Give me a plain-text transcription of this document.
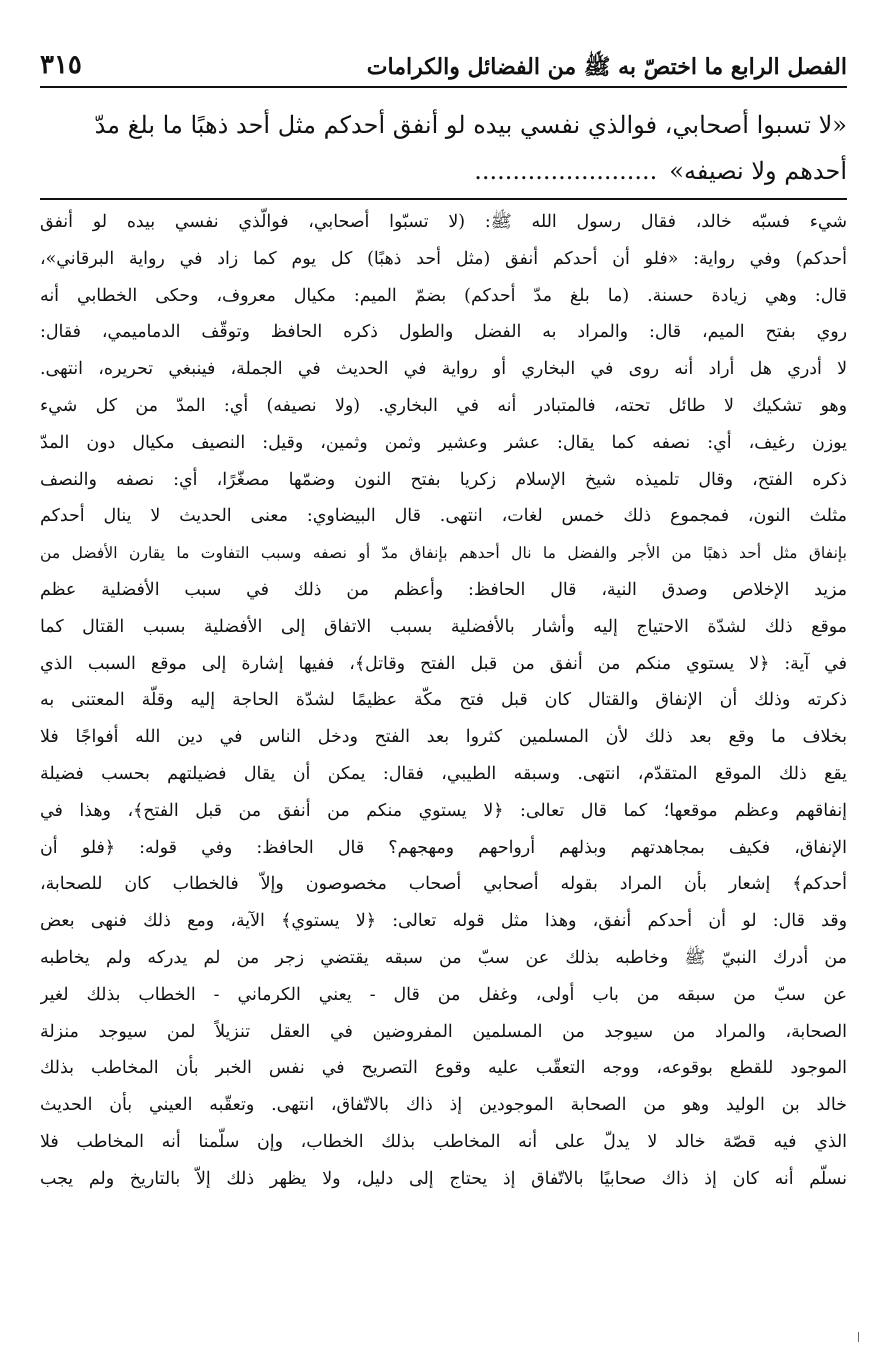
الفصل الرابع ما اختصّ به ﷺ من الفضائل والكرامات
٣١٥
«لا تسبوا أصحابي، فوالذي نفسي بيده لو أنفق أحدكم مثل أحد ذهبًا ما بلغ مدّ
أحدهم ولا نصيفه»........................
شيء فسبّه خالد، فقال رسول الله ﷺ: (لا تسبّوا أصحابي، فوالّذي نفسي بيده لو أنفق
أحدكم) وفي رواية: «فلو أن أحدكم أنفق (مثل أحد ذهبًا) كل يوم كما زاد في رواية البرقاني»،
قال: وهي زيادة حسنة. (ما بلغ مدّ أحدكم) بضمّ الميم: مكيال معروف، وحكى الخطابي أنه
روي بفتح الميم، قال: والمراد به الفضل والطول ذكره الحافظ وتوقّف الدماميمي، فقال:
لا أدري هل أراد أنه روى في البخاري أو رواية في الحديث في الجملة، فينبغي تحريره، انتهى.
وهو تشكيك لا طائل تحته، فالمتبادر أنه في البخاري. (ولا نصيفه) أي: المدّ من كل شيء
يوزن رغيف، أي: نصفه كما يقال: عشر وعشير وثمن وثمين، وقيل: النصيف مكيال دون المدّ
ذكره الفتح، وقال تلميذه شيخ الإسلام زكريا بفتح النون وضمّها مصغّرًا، أي: نصفه والنصف
مثلث النون، فمجموع ذلك خمس لغات، انتهى. قال البيضاوي: معنى الحديث لا ينال أحدكم
بإنفاق مثل أحد ذهبًا من الأجر والفضل ما نال أحدهم بإنفاق مدّ أو نصفه وسبب التفاوت ما يقارن الأفضل من
مزيد الإخلاص وصدق النية، قال الحافظ: وأعظم من ذلك في سبب الأفضلية عظم
موقع ذلك لشدّة الاحتياج إليه وأشار بالأفضلية بسبب الاتفاق إلى الأفضلية بسبب القتال كما
في آية: ﴿لا يستوي منكم من أنفق من قبل الفتح وقاتل﴾، ففيها إشارة إلى موقع السبب الذي
ذكرته وذلك أن الإنفاق والقتال كان قبل فتح مكّة عظيمًا لشدّة الحاجة إليه وقلّة المعتنى به
بخلاف ما وقع بعد ذلك لأن المسلمين كثروا بعد الفتح ودخل الناس في دين الله أفواجًا فلا
يقع ذلك الموقع المتقدّم، انتهى. وسبقه الطيبي، فقال: يمكن أن يقال فضيلتهم بحسب فضيلة
إنفاقهم وعظم موقعها؛ كما قال تعالى: ﴿لا يستوي منكم من أنفق من قبل الفتح﴾، وهذا في
الإنفاق، فكيف بمجاهدتهم وبذلهم أرواحهم ومهجهم؟ قال الحافظ: وفي قوله: ﴿فلو أن
أحدكم﴾ إشعار بأن المراد بقوله أصحابي أصحاب مخصوصون وإلاّ فالخطاب كان للصحابة،
وقد قال: لو أن أحدكم أنفق، وهذا مثل قوله تعالى: ﴿لا يستوي﴾ الآية، ومع ذلك فنهى بعض
من أدرك النبيّ ﷺ وخاطبه بذلك عن سبّ من سبقه يقتضي زجر من لم يدركه ولم يخاطبه
عن سبّ من سبقه من باب أولى، وغفل من قال - يعني الكرماني - الخطاب بذلك لغير
الصحابة، والمراد من سيوجد من المسلمين المفروضين في العقل تنزيلاً لمن سيوجد منزلة
الموجود للقطع بوقوعه، ووجه التعقّب عليه وقوع التصريح في نفس الخبر بأن المخاطب بذلك
خالد بن الوليد وهو من الصحابة الموجودين إذ ذاك بالاتّفاق، انتهى. وتعقّبه العيني بأن الحديث
الذي فيه قصّة خالد لا يدلّ على أنه المخاطب بذلك الخطاب، وإن سلّمنا أنه المخاطب فلا
نسلّم أنه كان إذ ذاك صحابيًا بالاتّفاق إذ يحتاج إلى دليل، ولا يظهر ذلك إلاّ بالتاريخ ولم يجب
